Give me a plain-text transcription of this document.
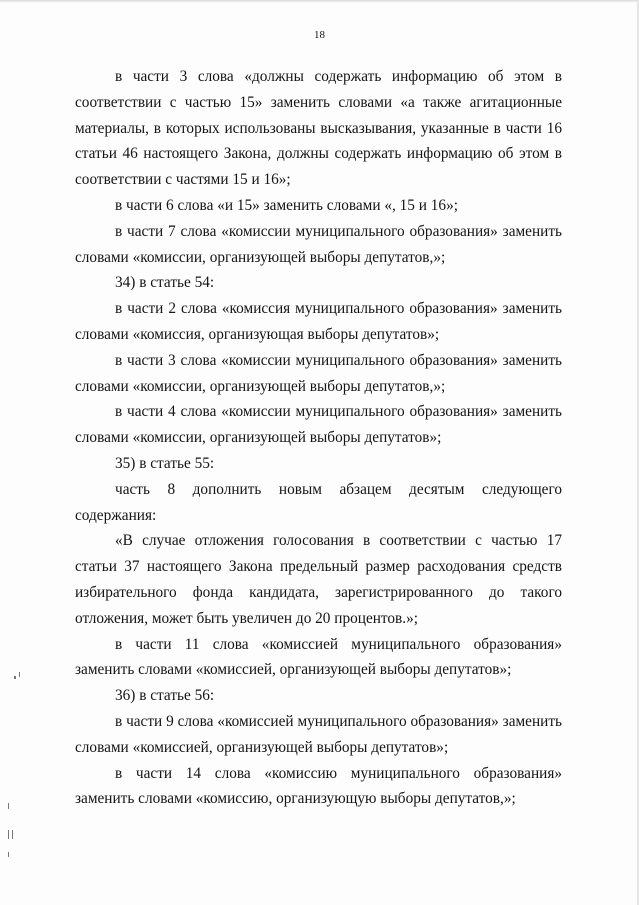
18

в части 3 слова «должны содержать информацию об этом в соответствии с частью 15» заменить словами «а также агитационные материалы, в которых использованы высказывания, указанные в части 16 статьи 46 настоящего Закона, должны содержать информацию об этом в соответствии с частями 15 и 16»;

в части 6 слова «и 15» заменить словами «, 15 и 16»;

в части 7 слова «комиссии муниципального образования» заменить словами «комиссии, организующей выборы депутатов,»;

34) в статье 54:

в части 2 слова «комиссия муниципального образования» заменить словами «комиссия, организующая выборы депутатов»;

в части 3 слова «комиссии муниципального образования» заменить словами «комиссии, организующей выборы депутатов,»;

в части 4 слова «комиссии муниципального образования» заменить словами «комиссии, организующей выборы депутатов»;

35) в статье 55:

часть 8 дополнить новым абзацем десятым следующего содержания:

«В случае отложения голосования в соответствии с частью 17 статьи 37 настоящего Закона предельный размер расходования средств избирательного фонда кандидата, зарегистрированного до такого отложения, может быть увеличен до 20 процентов.»;

в части 11 слова «комиссией муниципального образования» заменить словами «комиссией, организующей выборы депутатов»;

36) в статье 56:

в части 9 слова «комиссией муниципального образования» заменить словами «комиссией, организующей выборы депутатов»;

в части 14 слова «комиссию муниципального образования» заменить словами «комиссию, организующую выборы депутатов,»;
